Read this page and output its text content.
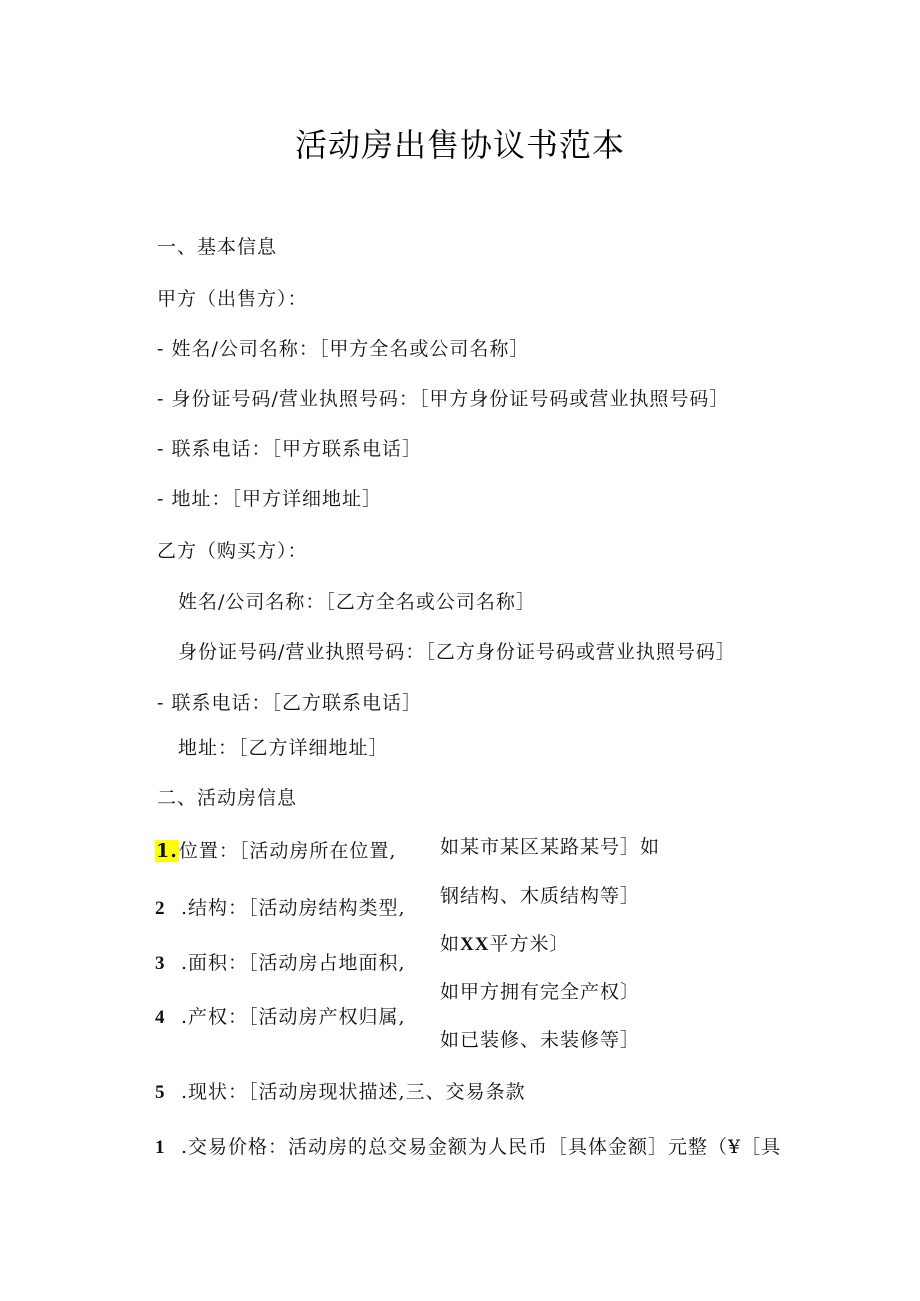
活动房出售协议书范本
一、基本信息
甲方（出售方）：
- 姓名/公司名称：［甲方全名或公司名称］
- 身份证号码/营业执照号码：［甲方身份证号码或营业执照号码］
- 联系电话：［甲方联系电话］
- 地址：［甲方详细地址］
乙方（购买方）：
姓名/公司名称：［乙方全名或公司名称］
身份证号码/营业执照号码：［乙方身份证号码或营业执照号码］
- 联系电话：［乙方联系电话］
地址：［乙方详细地址］
二、活动房信息
1.位置：［活动房所在位置, 如某市某区某路某号］如
2 .结构：［活动房结构类型,
钢结构、木质结构等］
如XX平方米〕
3 .面积：［活动房占地面积,
如甲方拥有完全产权〕
4 .产权：［活动房产权归属,
如已装修、未装修等］
5 .现状：［活动房现状描述,三、交易条款
1 .交易价格：活动房的总交易金额为人民币［具体金额］元整（¥［具
